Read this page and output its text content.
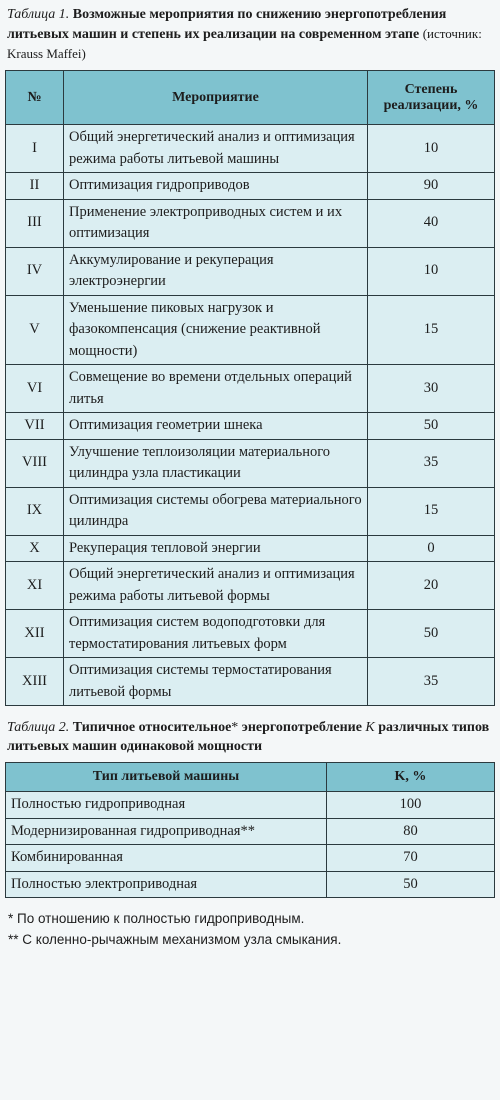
Таблица 1. Возможные мероприятия по снижению энергопотребления литьевых машин и степень их реализации на современном этапе (источник: Krauss Maffei)
№	Мероприятие	Степень реализации, %
I	Общий энергетический анализ и оптимизация режима работы литьевой машины	10
II	Оптимизация гидроприводов	90
III	Применение электроприводных систем и их оптимизация	40
IV	Аккумулирование и рекуперация электроэнергии	10
V	Уменьшение пиковых нагрузок и фазокомпенсация (снижение реактивной мощности)	15
VI	Совмещение во времени отдельных операций литья	30
VII	Оптимизация геометрии шнека	50
VIII	Улучшение теплоизоляции материального цилиндра узла пластикации	35
IX	Оптимизация системы обогрева материального цилиндра	15
X	Рекуперация тепловой энергии	0
XI	Общий энергетический анализ и оптимизация режима работы литьевой формы	20
XII	Оптимизация систем водоподготовки для термостатирования литьевых форм	50
XIII	Оптимизация системы термостатирования литьевой формы	35
Таблица 2. Типичное относительное* энергопотребление K различных типов литьевых машин одинаковой мощности
Тип литьевой машины	K, %
Полностью гидроприводная	100
Модернизированная гидроприводная**	80
Комбинированная	70
Полностью электроприводная	50
* По отношению к полностью гидроприводным.
** С коленно-рычажным механизмом узла смыкания.
